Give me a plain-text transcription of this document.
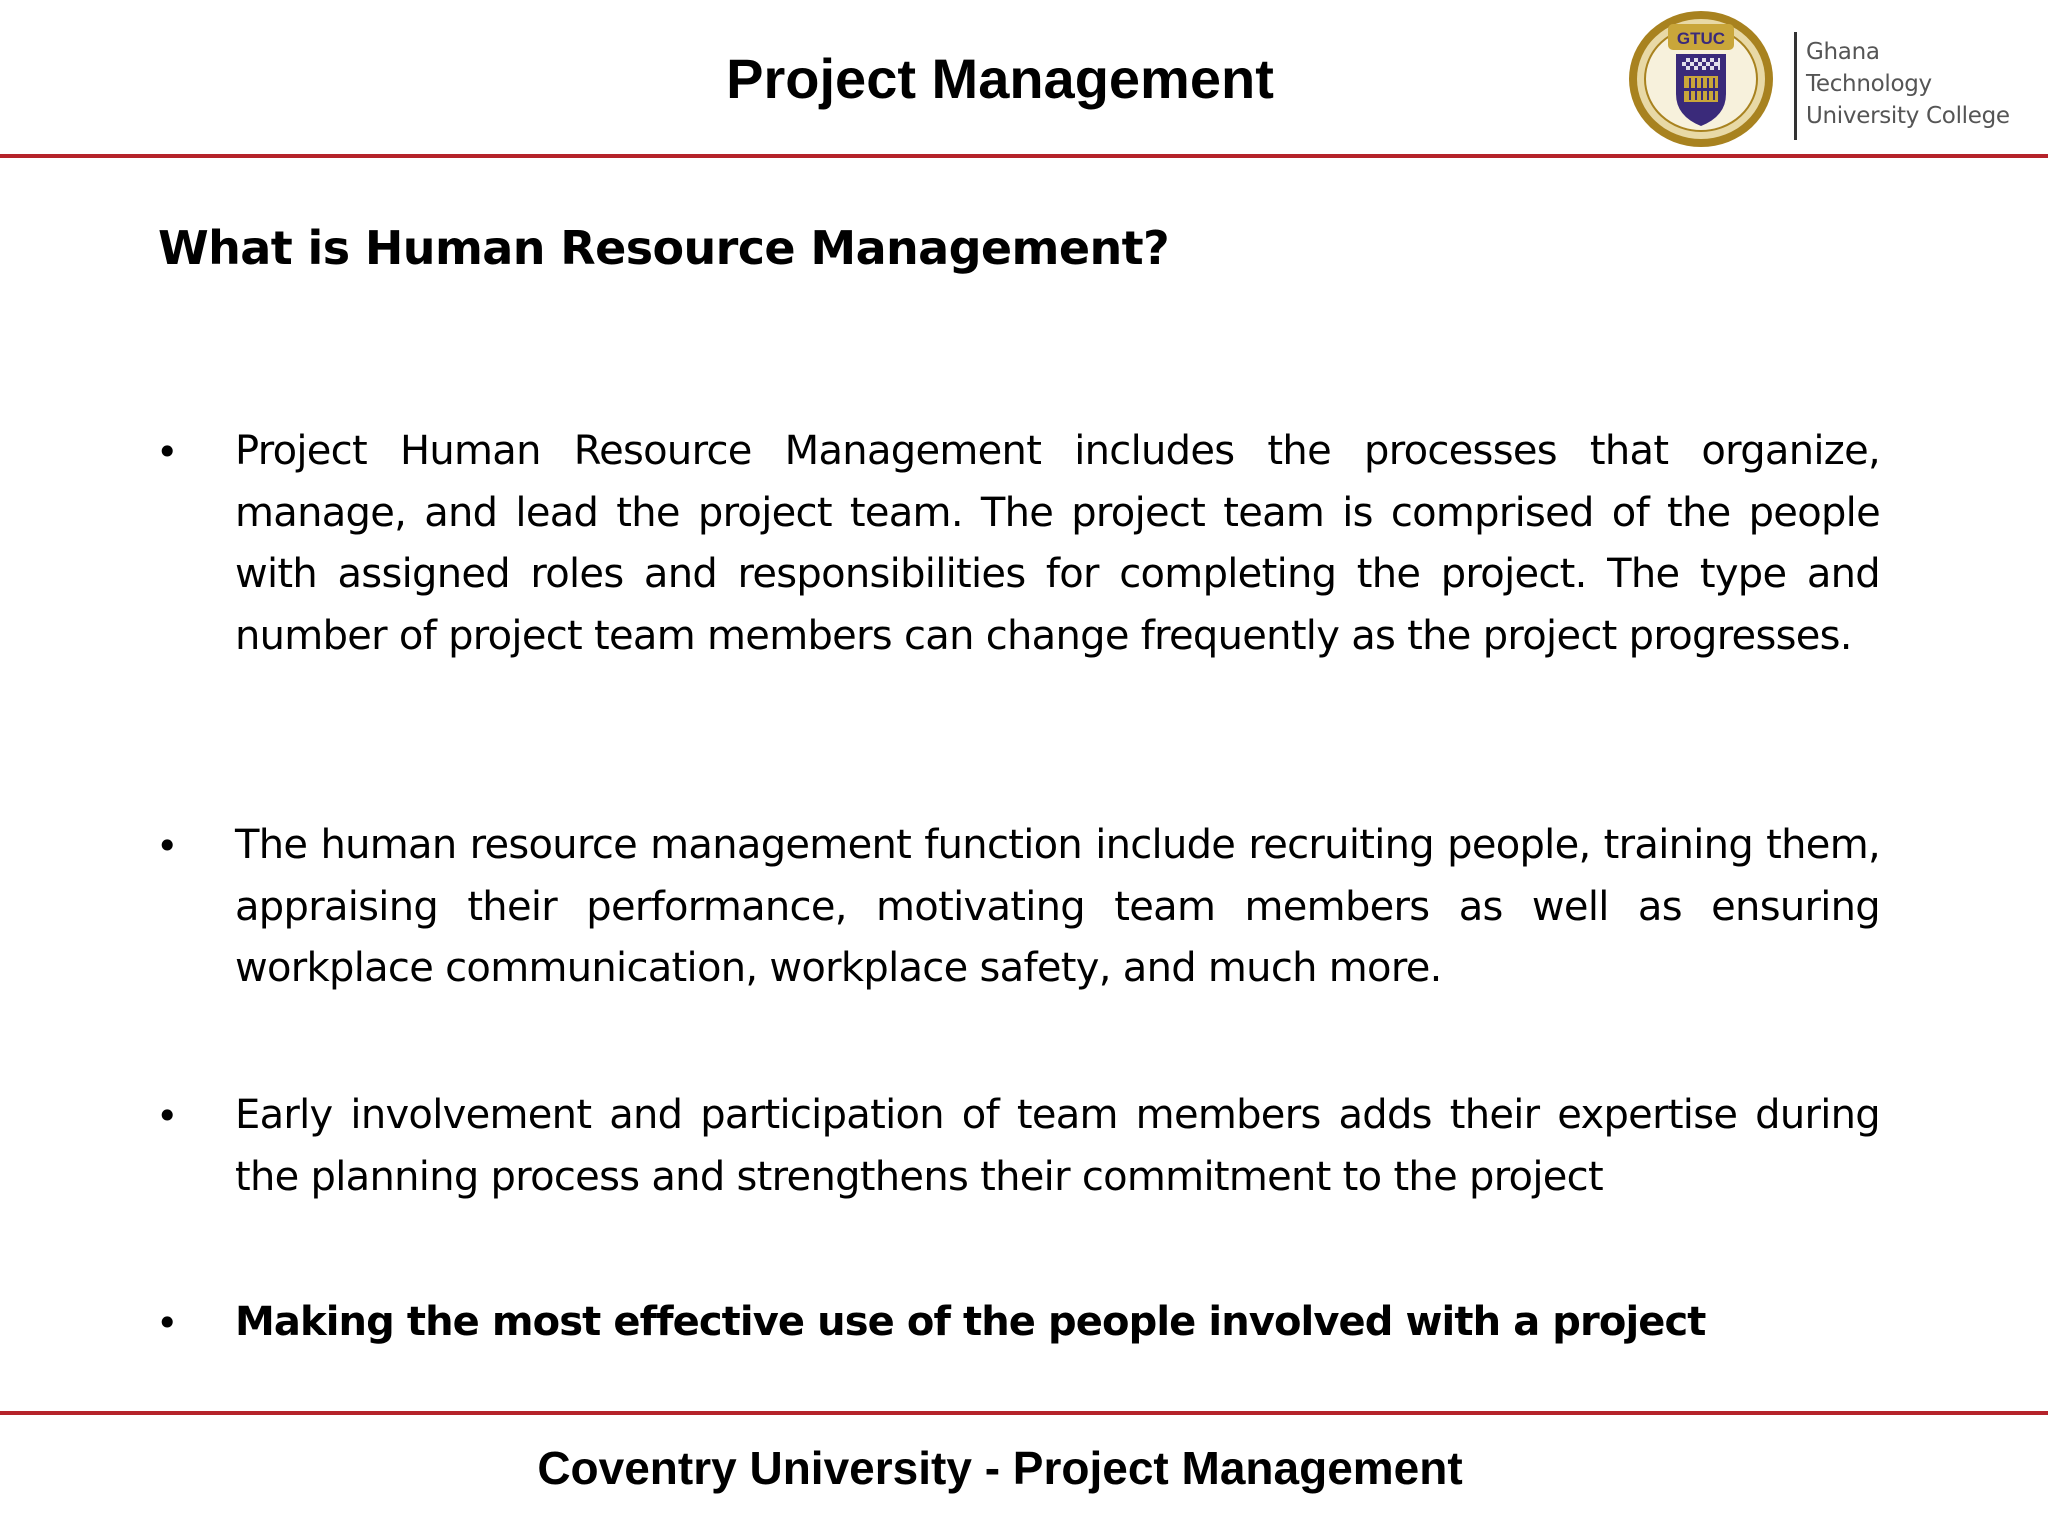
Project Management
GTUC
Ghana
Technology
University College
What is Human Resource Management?
• Project Human Resource Management includes the processes that organize, manage, and lead the project team. The project team is comprised of the people with assigned roles and responsibilities for completing the project. The type and number of project team members can change frequently as the project progresses.
• The human resource management function include recruiting people, training them, appraising their performance, motivating team members as well as ensuring workplace communication, workplace safety, and much more.
• Early involvement and participation of team members adds their expertise during the planning process and strengthens their commitment to the project
• Making the most effective use of the people involved with a project
Coventry University - Project Management
